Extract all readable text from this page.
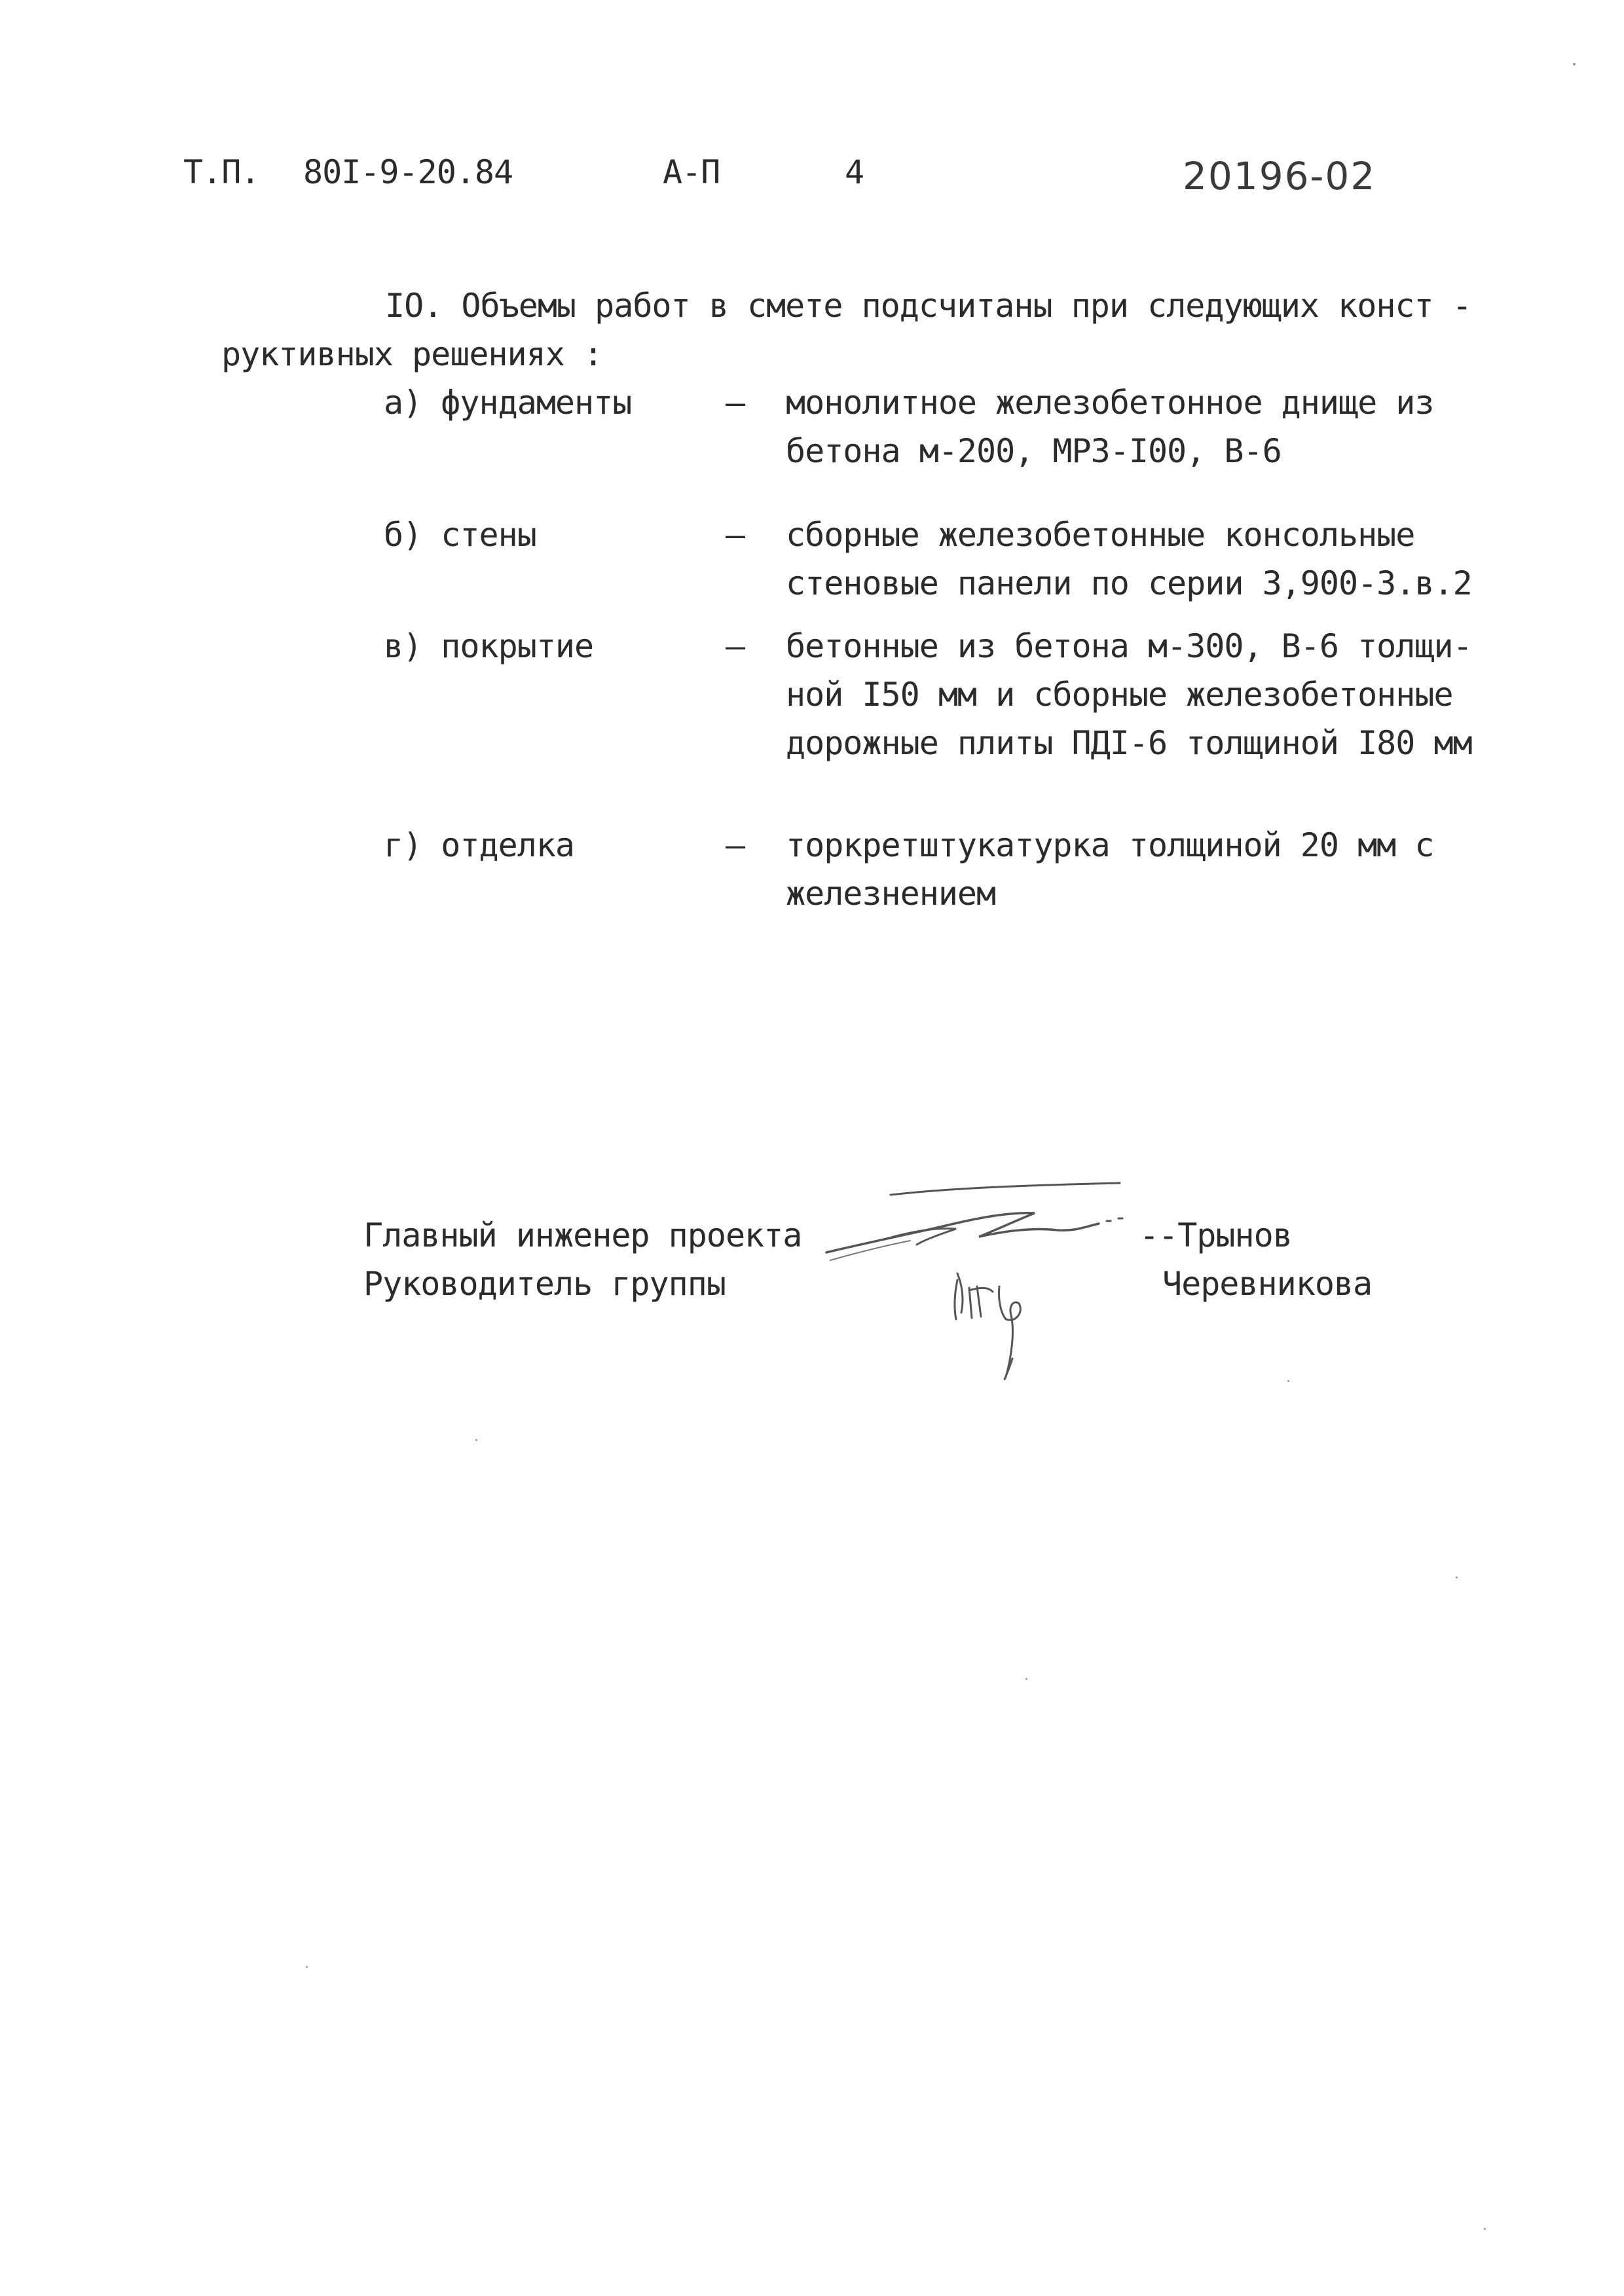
Т.П. 80I-9-20.84	А-П	4	20196-02
IО. Объемы работ в смете подсчитаны при следующих конст -
руктивных решениях :
а) фундаменты	– монолитное железобетонное днище из
бетона м-200, МРЗ-I00, В-6
б) стены	– сборные железобетонные консольные
стеновые панели по серии 3,900-3.в.2
в) покрытие	– бетонные из бетона м-300, В-6 толщи-
ной I50 мм и сборные железобетонные
дорожные плиты ПДI-6 толщиной I80 мм
г) отделка	– торкретштукатурка толщиной 20 мм с
железнением
Главный инженер проекта	--Трынов
Руководитель группы	Черевникова
